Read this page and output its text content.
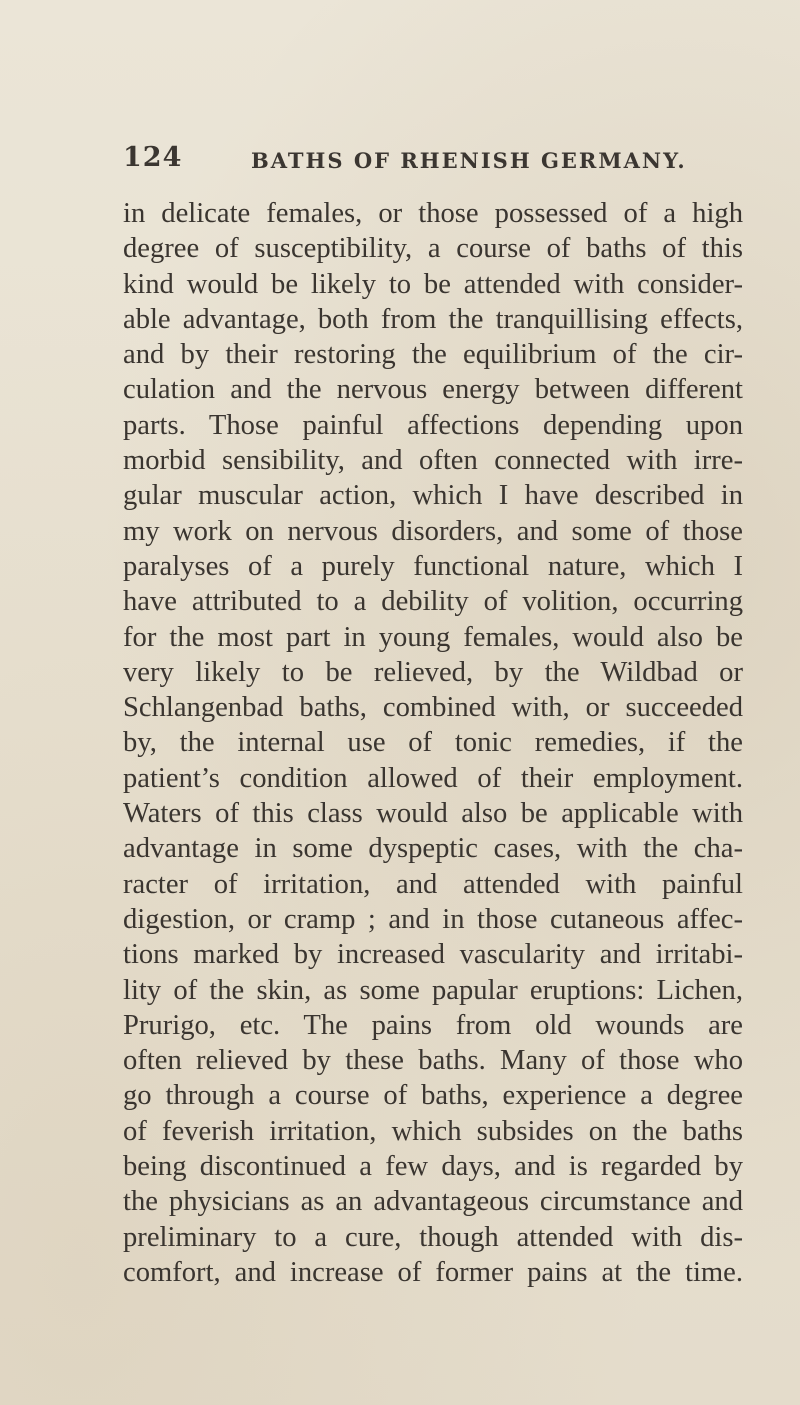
124	BATHS OF RHENISH GERMANY.
in delicate females, or those possessed of a high
degree of susceptibility, a course of baths of this
kind would be likely to be attended with consider-
able advantage, both from the tranquillising effects,
and by their restoring the equilibrium of the cir-
culation and the nervous energy between different
parts. Those painful affections depending upon
morbid sensibility, and often connected with irre-
gular muscular action, which I have described in
my work on nervous disorders, and some of those
paralyses of a purely functional nature, which I
have attributed to a debility of volition, occurring
for the most part in young females, would also be
very likely to be relieved, by the Wildbad or
Schlangenbad baths, combined with, or succeeded
by, the internal use of tonic remedies, if the
patient’s condition allowed of their employment.
Waters of this class would also be applicable with
advantage in some dyspeptic cases, with the cha-
racter of irritation, and attended with painful
digestion, or cramp ; and in those cutaneous affec-
tions marked by increased vascularity and irritabi-
lity of the skin, as some papular eruptions: Lichen,
Prurigo, etc. The pains from old wounds are
often relieved by these baths. Many of those who
go through a course of baths, experience a degree
of feverish irritation, which subsides on the baths
being discontinued a few days, and is regarded by
the physicians as an advantageous circumstance and
preliminary to a cure, though attended with dis-
comfort, and increase of former pains at the time.
